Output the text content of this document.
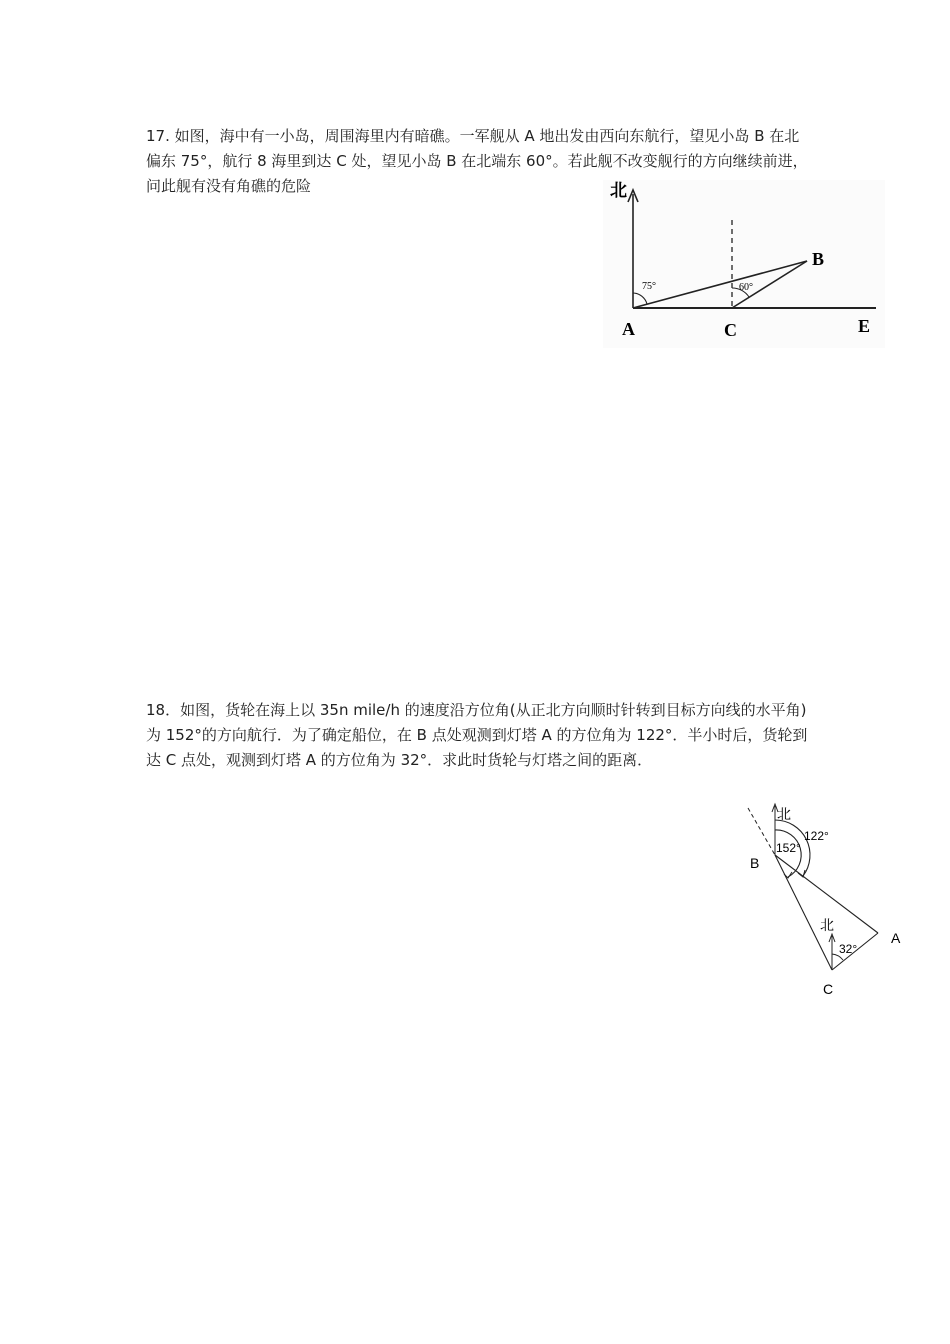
17. 如图，海中有一小岛，周围海里内有暗礁。一军舰从 A 地出发由西向东航行，望见小岛 B 在北偏东 75°，航行 8 海里到达 C 处，望见小岛 B 在北端东 60°。若此舰不改变舰行的方向继续前进，问此舰有没有角礁的危险	北
75°	60°
A	C
B
E

18．如图，货轮在海上以 35n mile/h 的速度沿方位角(从正北方向顺时针转到目标方向线的水平角)为 152°的方向航行．为了确定船位，在 B 点处观测到灯塔 A 的方位角为 122°．半小时后，货轮到达 C 点处，观测到灯塔 A 的方位角为 32°．求此时货轮与灯塔之间的距离．

北
122°
152°
北
32°
B
A
C
